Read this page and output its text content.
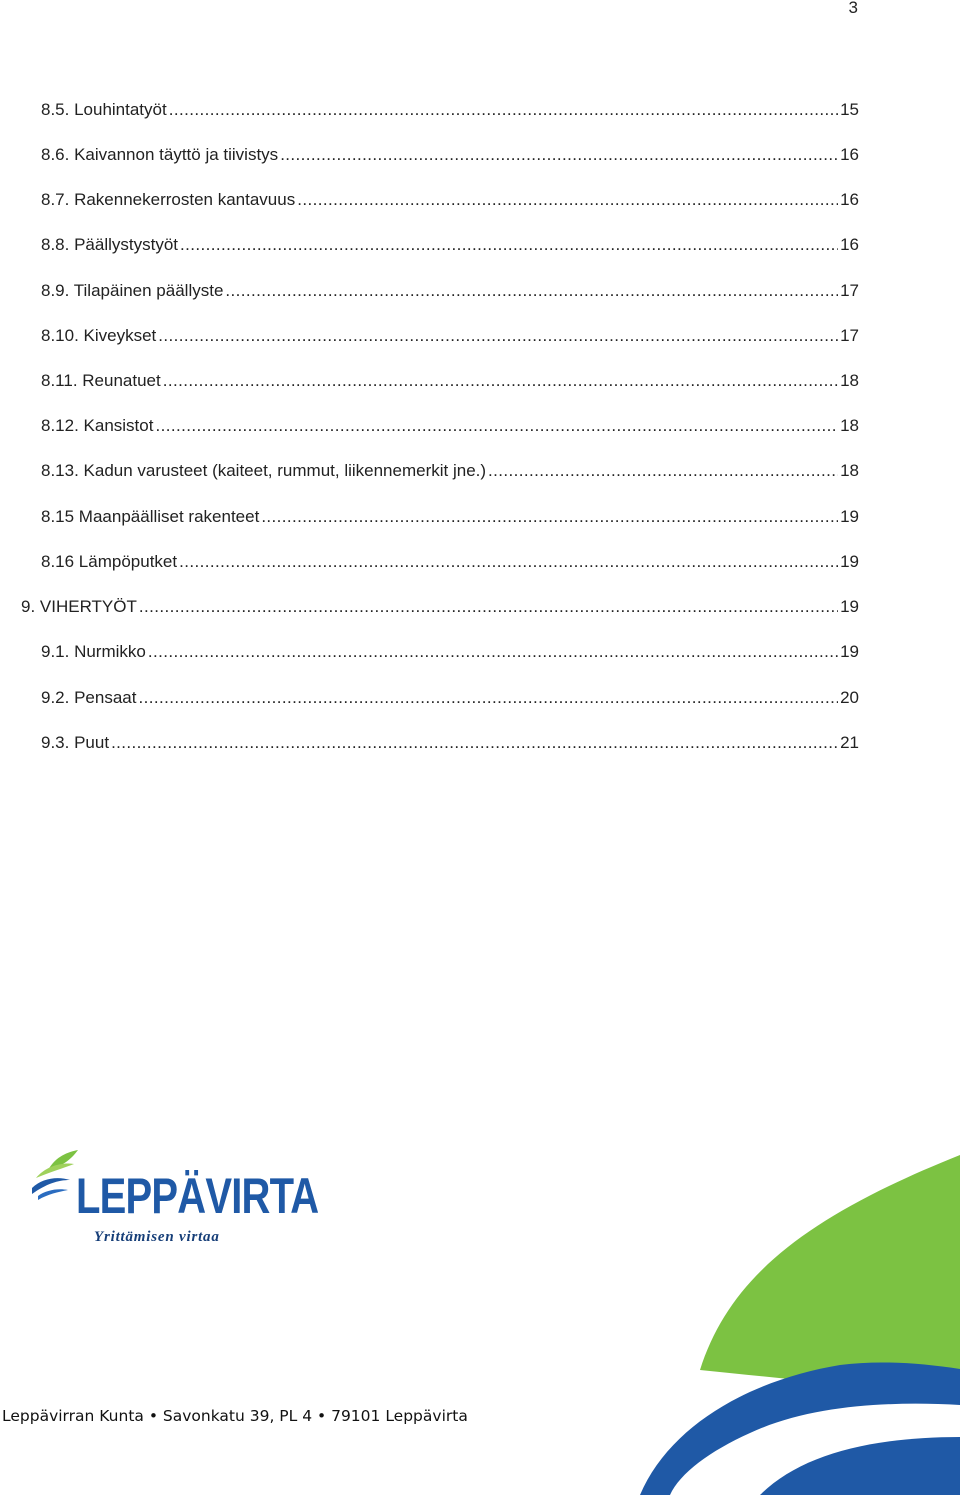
3
8.5. Louhintatyöt .....	15
8.6. Kaivannon täyttö ja tiivistys .....	16
8.7. Rakennekerrosten kantavuus .....	16
8.8. Päällystystyöt .....	16
8.9. Tilapäinen päällyste .....	17
8.10. Kiveykset .....	17
8.11. Reunatuet .....	18
8.12. Kansistot .....	18
8.13. Kadun varusteet (kaiteet, rummut, liikennemerkit jne.) .....	18
8.15 Maanpäälliset rakenteet .....	19
8.16 Lämpöputket .....	19
9. VIHERTYÖT .....	19
9.1. Nurmikko .....	19
9.2. Pensaat .....	20
9.3. Puut .....	21
LEPPÄVIRTA
Yrittämisen virtaa
Leppävirran Kunta • Savonkatu 39, PL 4 • 79101 Leppävirta
